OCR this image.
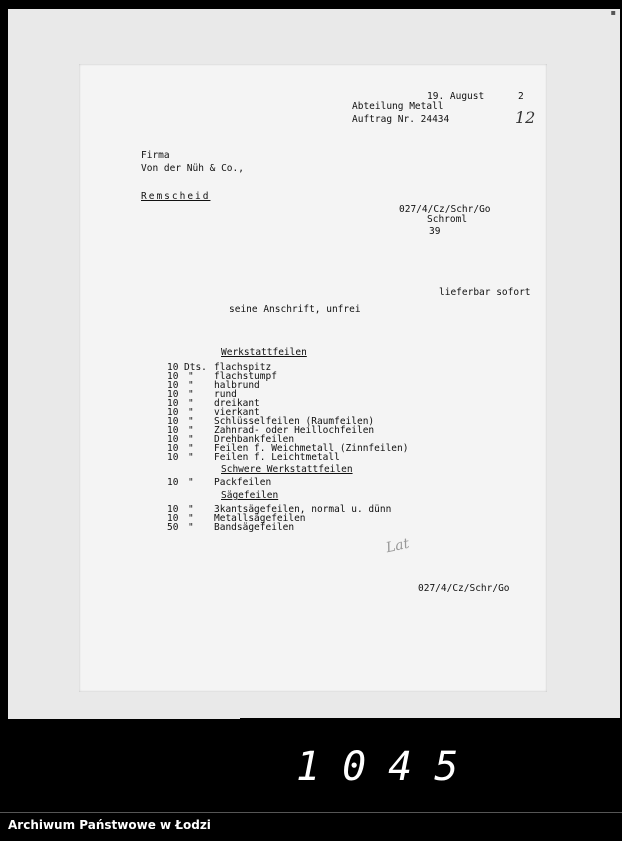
▪
19. August	2
Abteilung Metall
Auftrag Nr. 24434	12
Firma
Von der Nüh & Co.,
Remscheid
027/4/Cz/Schr/Go
Schroml
39
lieferbar sofort
seine Anschrift, unfrei
Werkstattfeilen
10 Dts. flachspitz
10 " flachstumpf
10 " halbrund
10 " rund
10 " dreikant
10 " vierkant
10 " Schlüsselfeilen (Raumfeilen)
10 " Zahnrad- oder Heillochfeilen
10 " Drehbankfeilen
10 " Feilen f. Weichmetall (Zinnfeilen)
10 " Feilen f. Leichtmetall
Schwere Werkstattfeilen
10 " Packfeilen
Sägefeilen
10 " 3kantsägefeilen, normal u. dünn
10 " Metallsägefeilen
50 " Bandsägefeilen
Lat
027/4/Cz/Schr/Go
1045
Archiwum Państwowe w Łodzi
